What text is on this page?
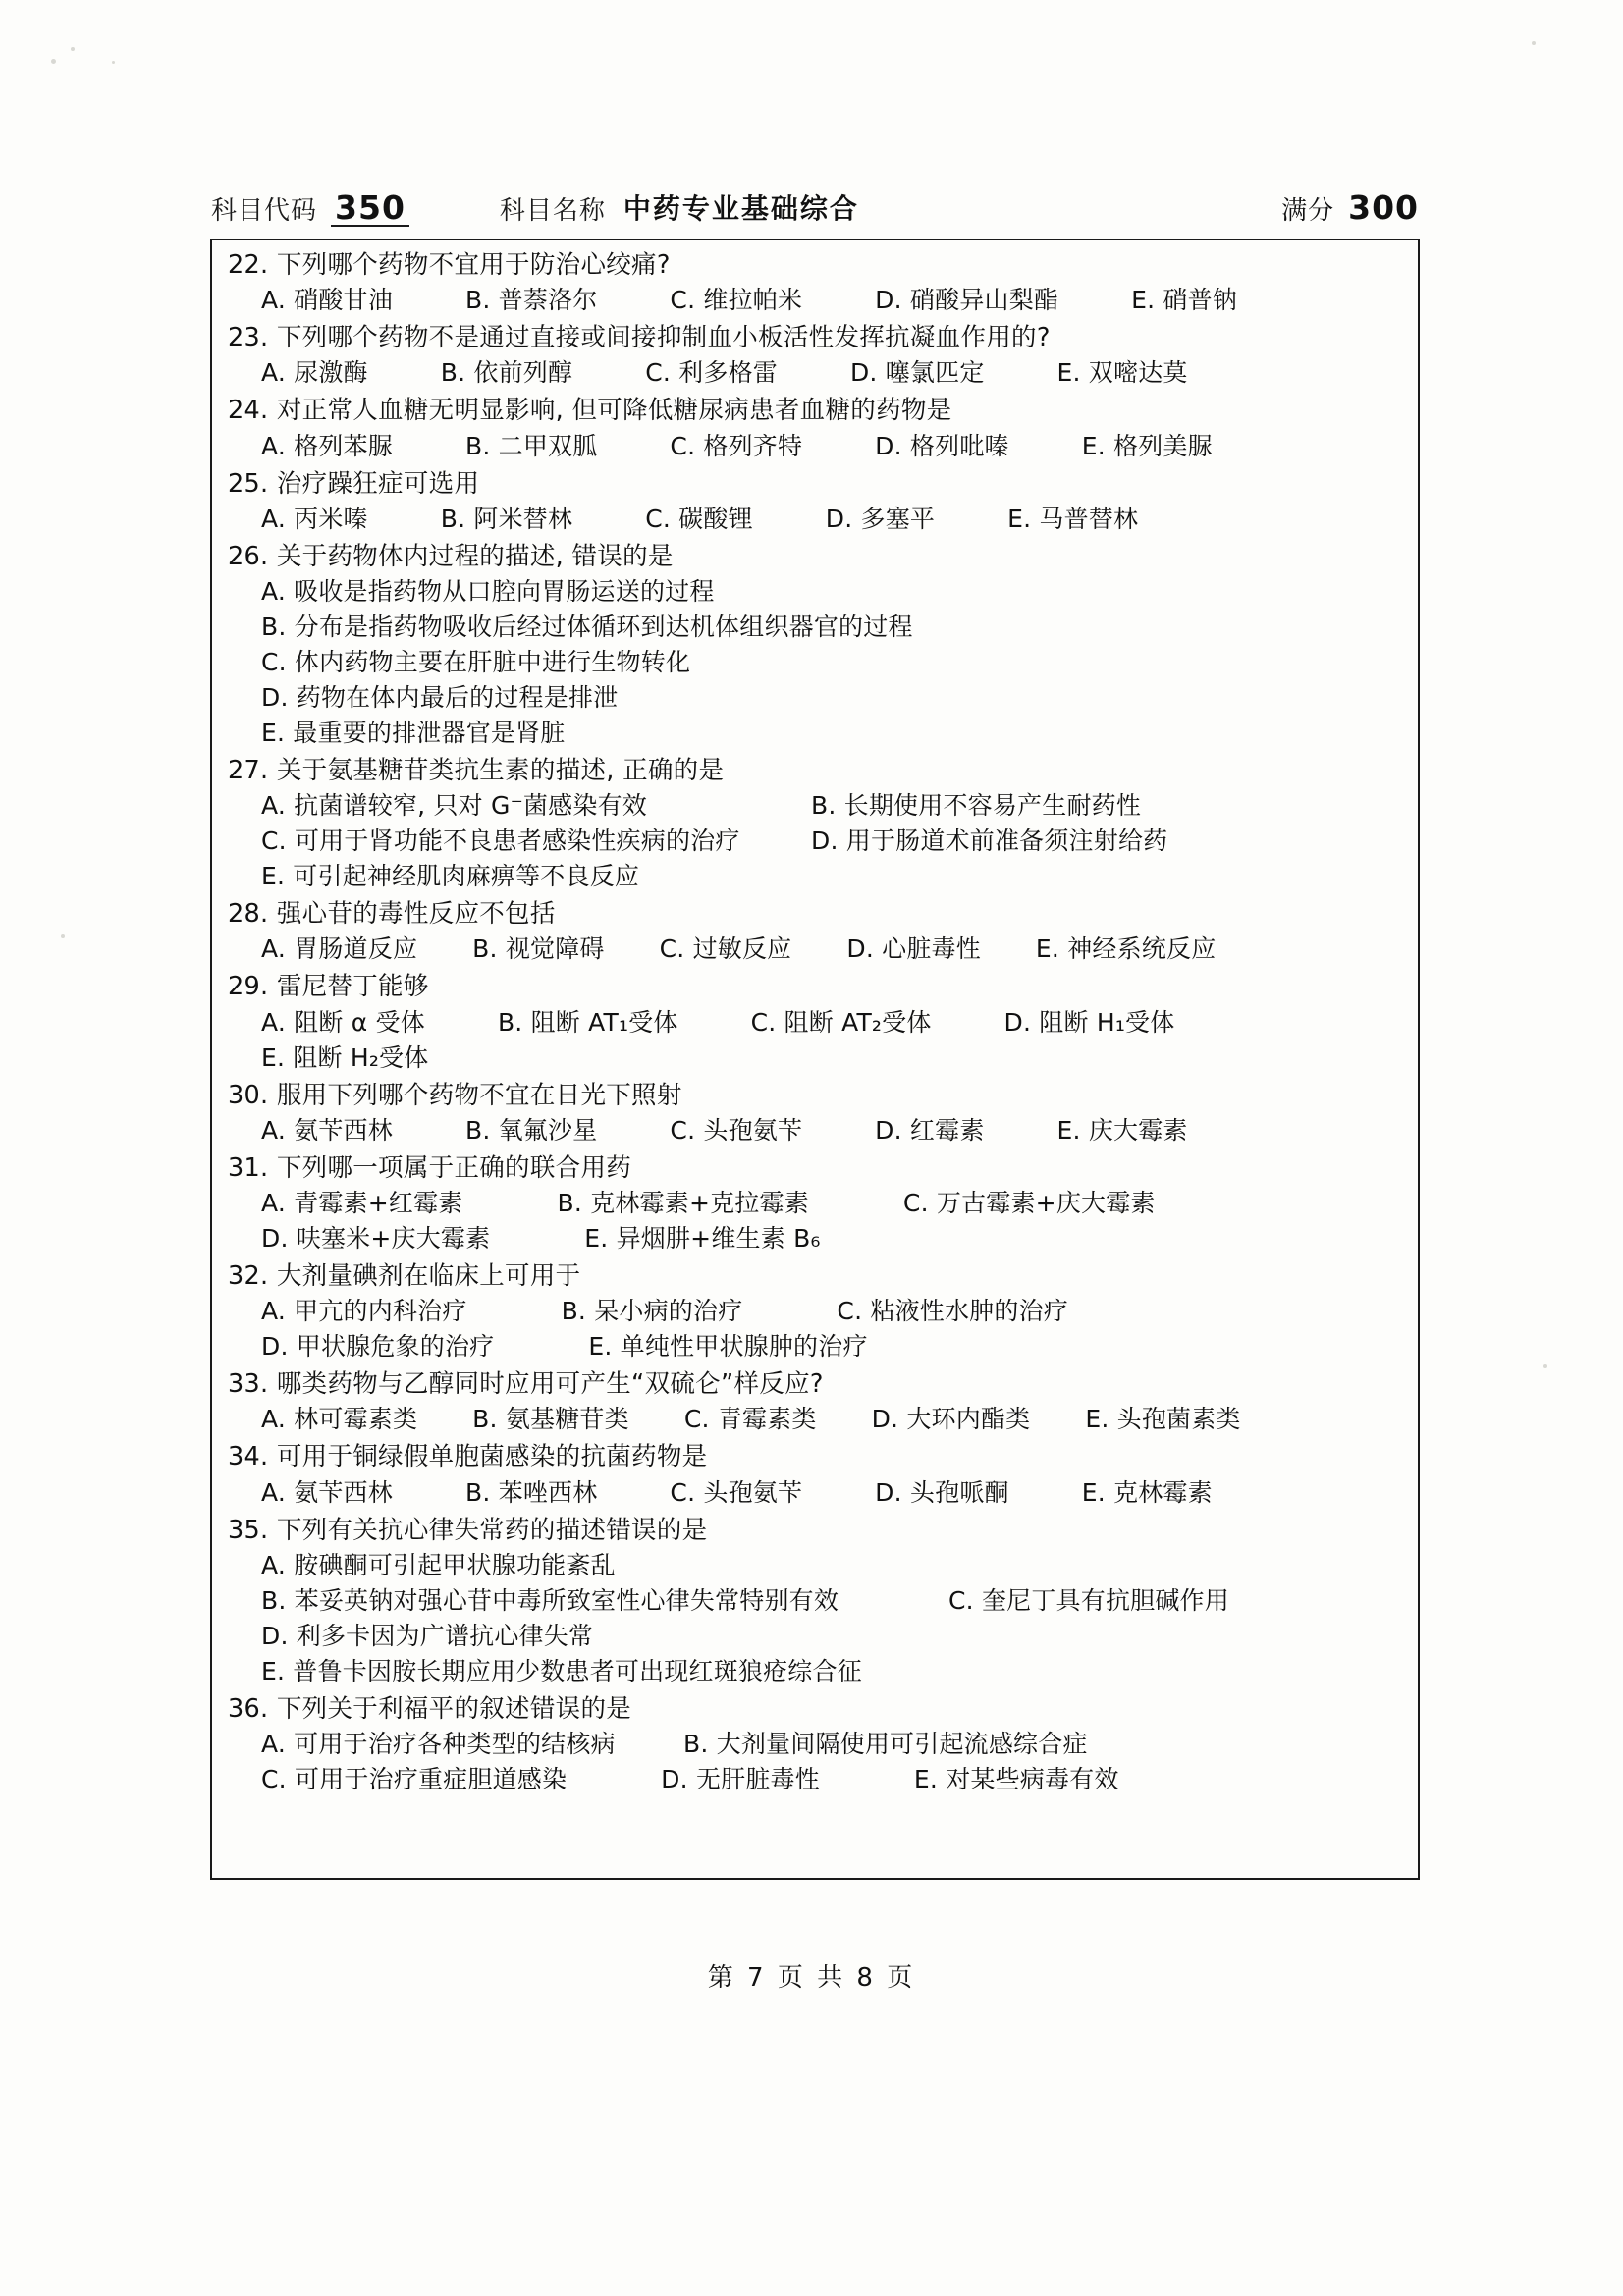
科目代码 350	科目名称 中药专业基础综合	满分 300
22. 下列哪个药物不宜用于防治心绞痛?
A. 硝酸甘油	B. 普萘洛尔	C. 维拉帕米	D. 硝酸异山梨酯	E. 硝普钠
23. 下列哪个药物不是通过直接或间接抑制血小板活性发挥抗凝血作用的?
A. 尿激酶	B. 依前列醇	C. 利多格雷	D. 噻氯匹定	E. 双嘧达莫
24. 对正常人血糖无明显影响, 但可降低糖尿病患者血糖的药物是
A. 格列苯脲	B. 二甲双胍	C. 格列齐特	D. 格列吡嗪	E. 格列美脲
25. 治疗躁狂症可选用
A. 丙米嗪	B. 阿米替林	C. 碳酸锂	D. 多塞平	E. 马普替林
26. 关于药物体内过程的描述, 错误的是
A. 吸收是指药物从口腔向胃肠运送的过程
B. 分布是指药物吸收后经过体循环到达机体组织器官的过程
C. 体内药物主要在肝脏中进行生物转化
D. 药物在体内最后的过程是排泄
E. 最重要的排泄器官是肾脏
27. 关于氨基糖苷类抗生素的描述, 正确的是
A. 抗菌谱较窄, 只对 G⁻菌感染有效	B. 长期使用不容易产生耐药性
C. 可用于肾功能不良患者感染性疾病的治疗	D. 用于肠道术前准备须注射给药
E. 可引起神经肌肉麻痹等不良反应
28. 强心苷的毒性反应不包括
A. 胃肠道反应 B. 视觉障碍 C. 过敏反应 D. 心脏毒性 E. 神经系统反应
29. 雷尼替丁能够
A. 阻断 α 受体	B. 阻断 AT₁受体	C. 阻断 AT₂受体	D. 阻断 H₁受体
E. 阻断 H₂受体
30. 服用下列哪个药物不宜在日光下照射
A. 氨苄西林	B. 氧氟沙星	C. 头孢氨苄	D. 红霉素	E. 庆大霉素
31. 下列哪一项属于正确的联合用药
A. 青霉素+红霉素	B. 克林霉素+克拉霉素	C. 万古霉素+庆大霉素
D. 呋塞米+庆大霉素	E. 异烟肼+维生素 B₆
32. 大剂量碘剂在临床上可用于
A. 甲亢的内科治疗	B. 呆小病的治疗	C. 粘液性水肿的治疗
D. 甲状腺危象的治疗	E. 单纯性甲状腺肿的治疗
33. 哪类药物与乙醇同时应用可产生“双硫仑”样反应?
A. 林可霉素类 B. 氨基糖苷类 C. 青霉素类 D. 大环内酯类 E. 头孢菌素类
34. 可用于铜绿假单胞菌感染的抗菌药物是
A. 氨苄西林	B. 苯唑西林	C. 头孢氨苄	D. 头孢哌酮	E. 克林霉素
35. 下列有关抗心律失常药的描述错误的是
A. 胺碘酮可引起甲状腺功能紊乱
B. 苯妥英钠对强心苷中毒所致室性心律失常特别有效	C. 奎尼丁具有抗胆碱作用
D. 利多卡因为广谱抗心律失常
E. 普鲁卡因胺长期应用少数患者可出现红斑狼疮综合征
36. 下列关于利福平的叙述错误的是
A. 可用于治疗各种类型的结核病	B. 大剂量间隔使用可引起流感综合症
C. 可用于治疗重症胆道感染	D. 无肝脏毒性	E. 对某些病毒有效
第 7 页 共 8 页
